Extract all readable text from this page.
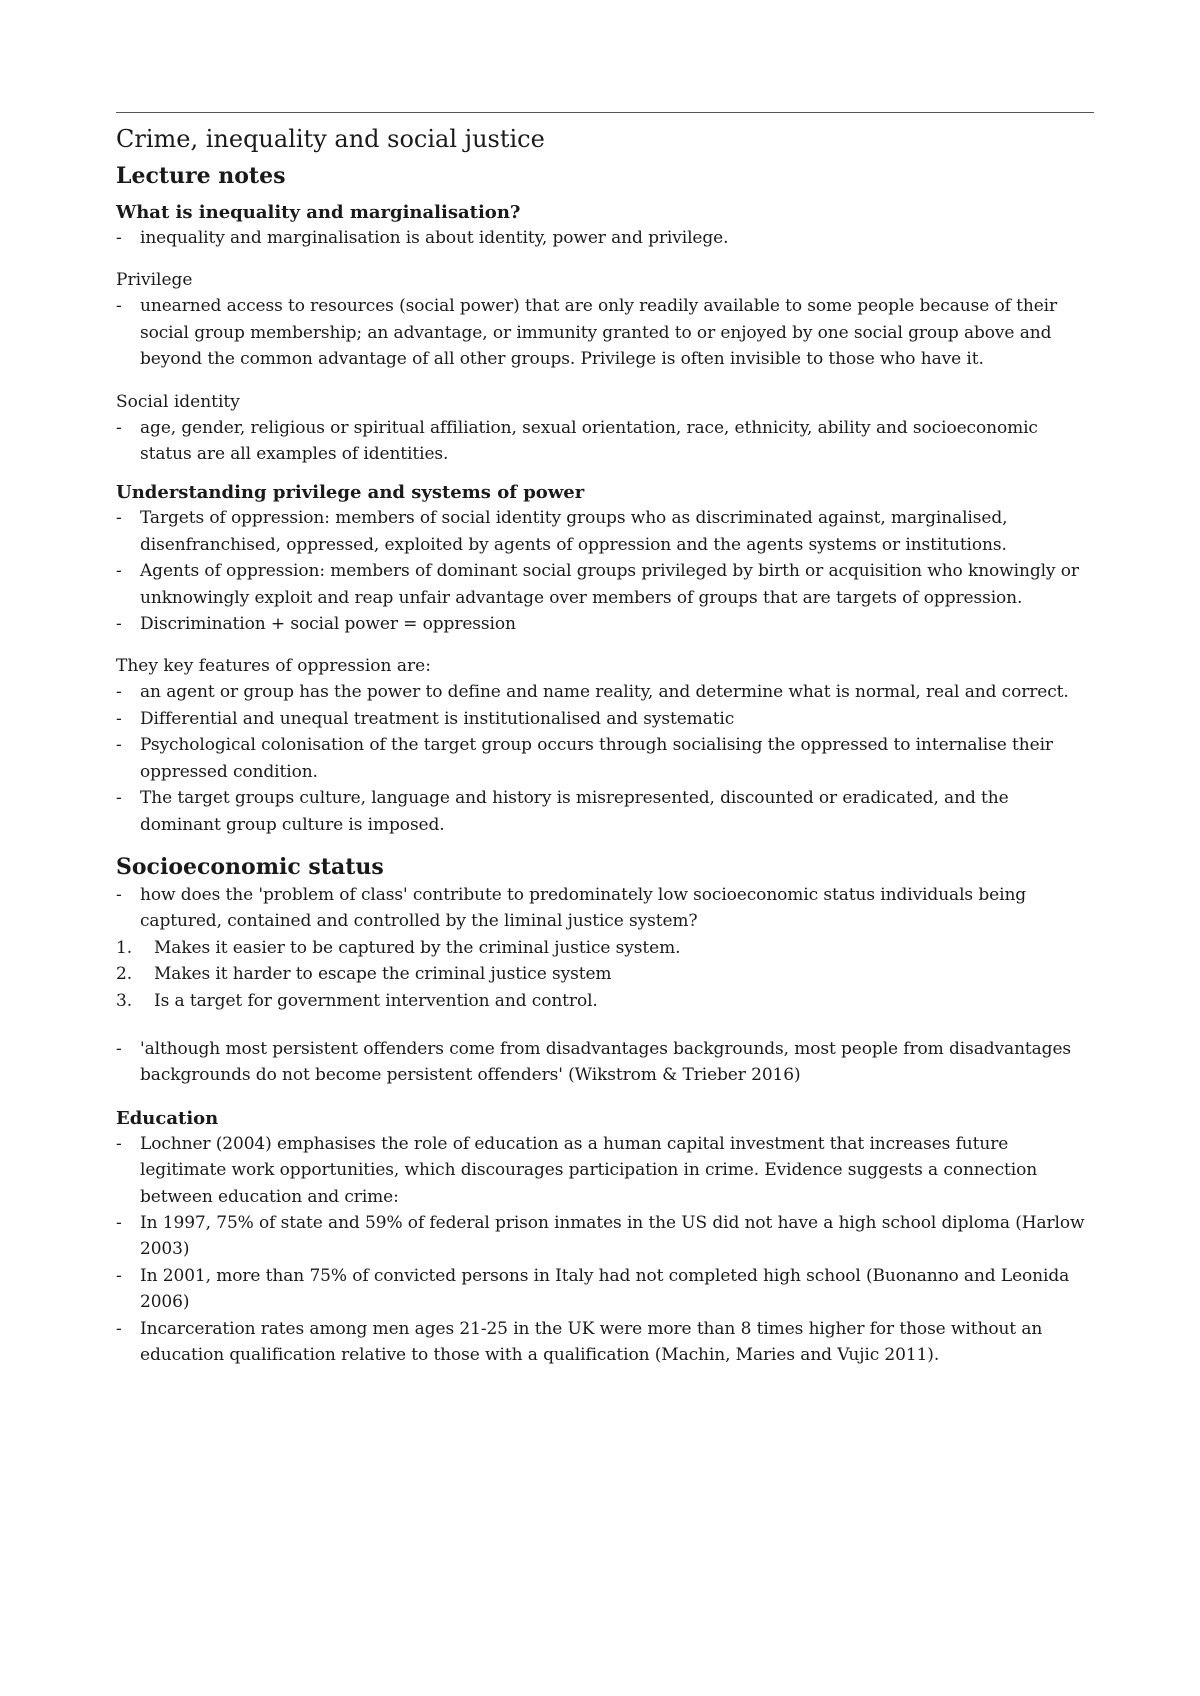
Crime, inequality and social justice
Lecture notes
What is inequality and marginalisation?
- inequality and marginalisation is about identity, power and privilege.
Privilege
- unearned access to resources (social power) that are only readily available to some people because of their social group membership; an advantage, or immunity granted to or enjoyed by one social group above and beyond the common advantage of all other groups. Privilege is often invisible to those who have it.
Social identity
- age, gender, religious or spiritual affiliation, sexual orientation, race, ethnicity, ability and socioeconomic status are all examples of identities.
Understanding privilege and systems of power
- Targets of oppression: members of social identity groups who as discriminated against, marginalised, disenfranchised, oppressed, exploited by agents of oppression and the agents systems or institutions.
- Agents of oppression: members of dominant social groups privileged by birth or acquisition who knowingly or unknowingly exploit and reap unfair advantage over members of groups that are targets of oppression.
- Discrimination + social power = oppression
They key features of oppression are:
- an agent or group has the power to define and name reality, and determine what is normal, real and correct.
- Differential and unequal treatment is institutionalised and systematic
- Psychological colonisation of the target group occurs through socialising the oppressed to internalise their oppressed condition.
- The target groups culture, language and history is misrepresented, discounted or eradicated, and the dominant group culture is imposed.
Socioeconomic status
- how does the 'problem of class' contribute to predominately low socioeconomic status individuals being captured, contained and controlled by the liminal justice system?
1. Makes it easier to be captured by the criminal justice system.
2. Makes it harder to escape the criminal justice system
3. Is a target for government intervention and control.
- 'although most persistent offenders come from disadvantages backgrounds, most people from disadvantages backgrounds do not become persistent offenders' (Wikstrom & Trieber 2016)
Education
- Lochner (2004) emphasises the role of education as a human capital investment that increases future legitimate work opportunities, which discourages participation in crime. Evidence suggests a connection between education and crime:
- In 1997, 75% of state and 59% of federal prison inmates in the US did not have a high school diploma (Harlow 2003)
- In 2001, more than 75% of convicted persons in Italy had not completed high school (Buonanno and Leonida 2006)
- Incarceration rates among men ages 21-25 in the UK were more than 8 times higher for those without an education qualification relative to those with a qualification (Machin, Maries and Vujic 2011).
